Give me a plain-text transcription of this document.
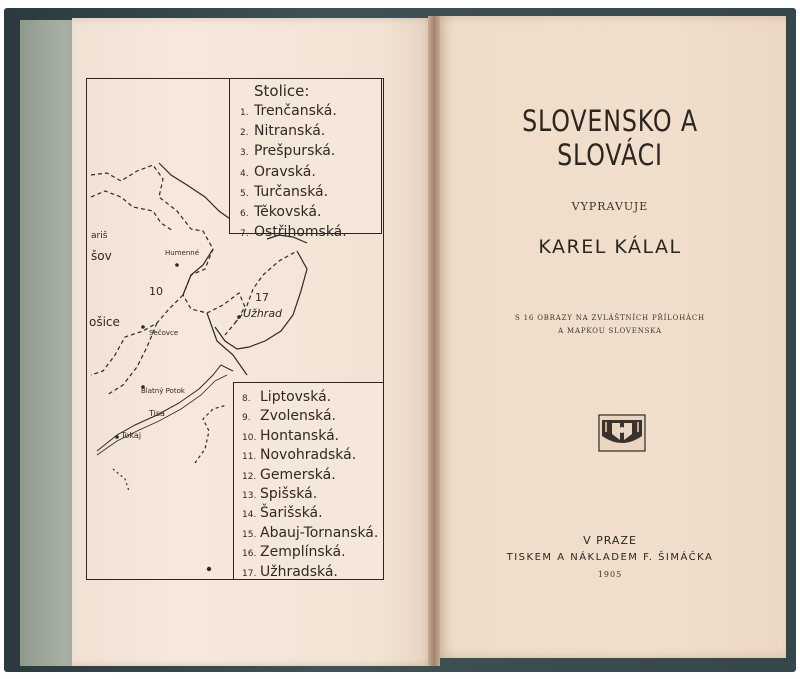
ariš
šov	Humenné
10	17
Užhrad
ošice
Sečovce
Blatný Potok
Tisa
Tokaj
Stolice:
1. Trenčanská.
2. Nitranská.
3. Prešpurská.
4. Oravská.
5. Turčanská.
6. Těkovská.
7. Ostřihomská.
8. Liptovská.
9. Zvolenská.
10. Hontanská.
11. Novohradská.
12. Gemerská.
13. Spišská.
14. Šarišská.
15. Abauj-Tornanská.
16. Zemplínská.
17. Užhradská.
SLOVENSKO A SLOVÁCI
VYPRAVUJE
KAREL KÁLAL
S 16 OBRAZY NA ZVLÁŠTNÍCH PŘÍLOHÁCH
A MAPKOU SLOVENSKA
V PRAZE
TISKEM A NÁKLADEM F. ŠIMÁČKA
1905
